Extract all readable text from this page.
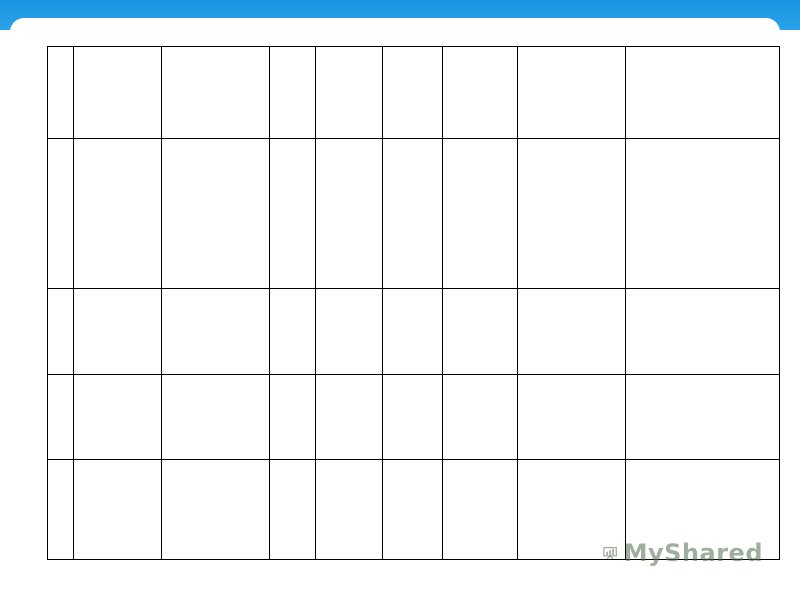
№ з/п	ПІБ учня	Назва навчального закладу	Клас	Відділення	Назва секції	Кількість набраних балів	ПІБ Керівника що підготував призера, категорія, звання	Назва роботи
1	Ковтун Наталія Володимирівна	Печенізький центр дитячої та юнацької творчості	11	історія	Історія України	91	Павленко Григорій Миколайович, ІІ категорія	Відмова від колективних форм сільського господарства, як одна з передумов демографічного спаду населення на селі, на основі матеріалу Печенізького району
2	Семенчук Кристина Миколаївна	Печенізький ліцей ім. Г. Семирадського	9	Філософія та суспільство знавство	Релігієзна вство та історія релігії	94	Сафронова ЛюдмилаВолоди мирівна ІІ категорія	Істрія розвитку релігії. Свідки. Єгови
3	Строкан Любов Ігорівна	Печенізький ліцей ім. Г. Семирадського	10	Філологія та мистецтвоз навство	Фольклор истика	94	Байбак Лариса Миколаївна, І категорія, старший учитель	Особливості різдвяної обрядовості на Слобожанщині, зокрема в смт Печеніги
4	Лапко Світлана Юріївна	Печенізький ліцей ім. Г. Семирадського	10	Фізика та астрономія	Експерим ентальна фізика	93	Демюра Інна Анатоліївна, І категорія	«Рідкий місток», що виникає між електродами, поміщеними в діелектричне середовище
MyShared
